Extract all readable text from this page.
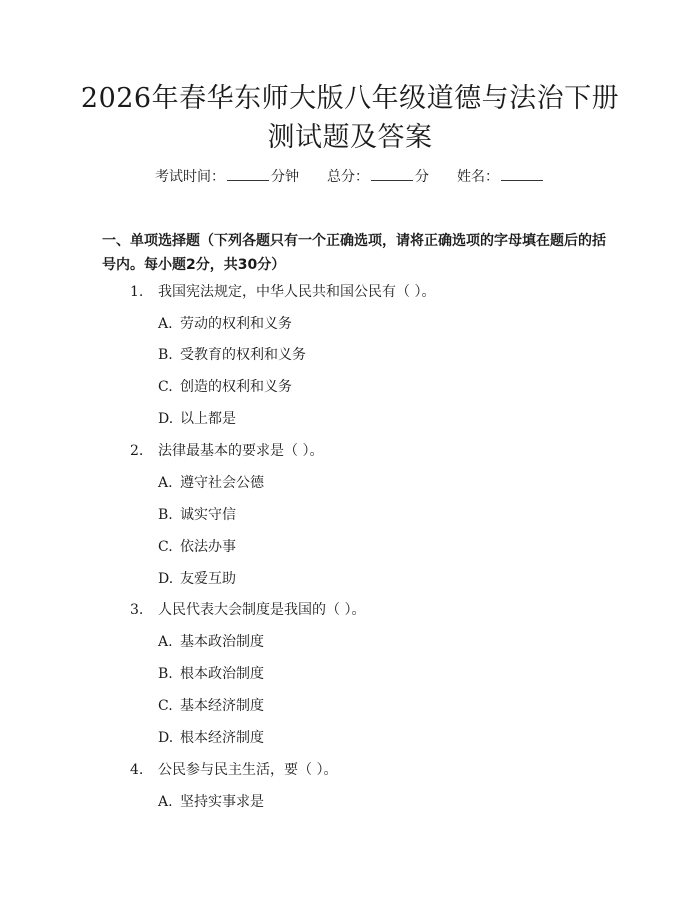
2026年春华东师大版八年级道德与法治下册
测试题及答案
考试时间：	分钟 总分：	分 姓名：
一、单项选择题（下列各题只有一个正确选项，请将正确选项的字母填在题后的括号内。每小题2分，共30分）
1. 我国宪法规定，中华人民共和国公民有（ ）。
A. 劳动的权利和义务
B. 受教育的权利和义务
C. 创造的权利和义务
D. 以上都是
2. 法律最基本的要求是（ ）。
A. 遵守社会公德
B. 诚实守信
C. 依法办事
D. 友爱互助
3. 人民代表大会制度是我国的（ ）。
A. 基本政治制度
B. 根本政治制度
C. 基本经济制度
D. 根本经济制度
4. 公民参与民主生活，要（ ）。
A. 坚持实事求是
